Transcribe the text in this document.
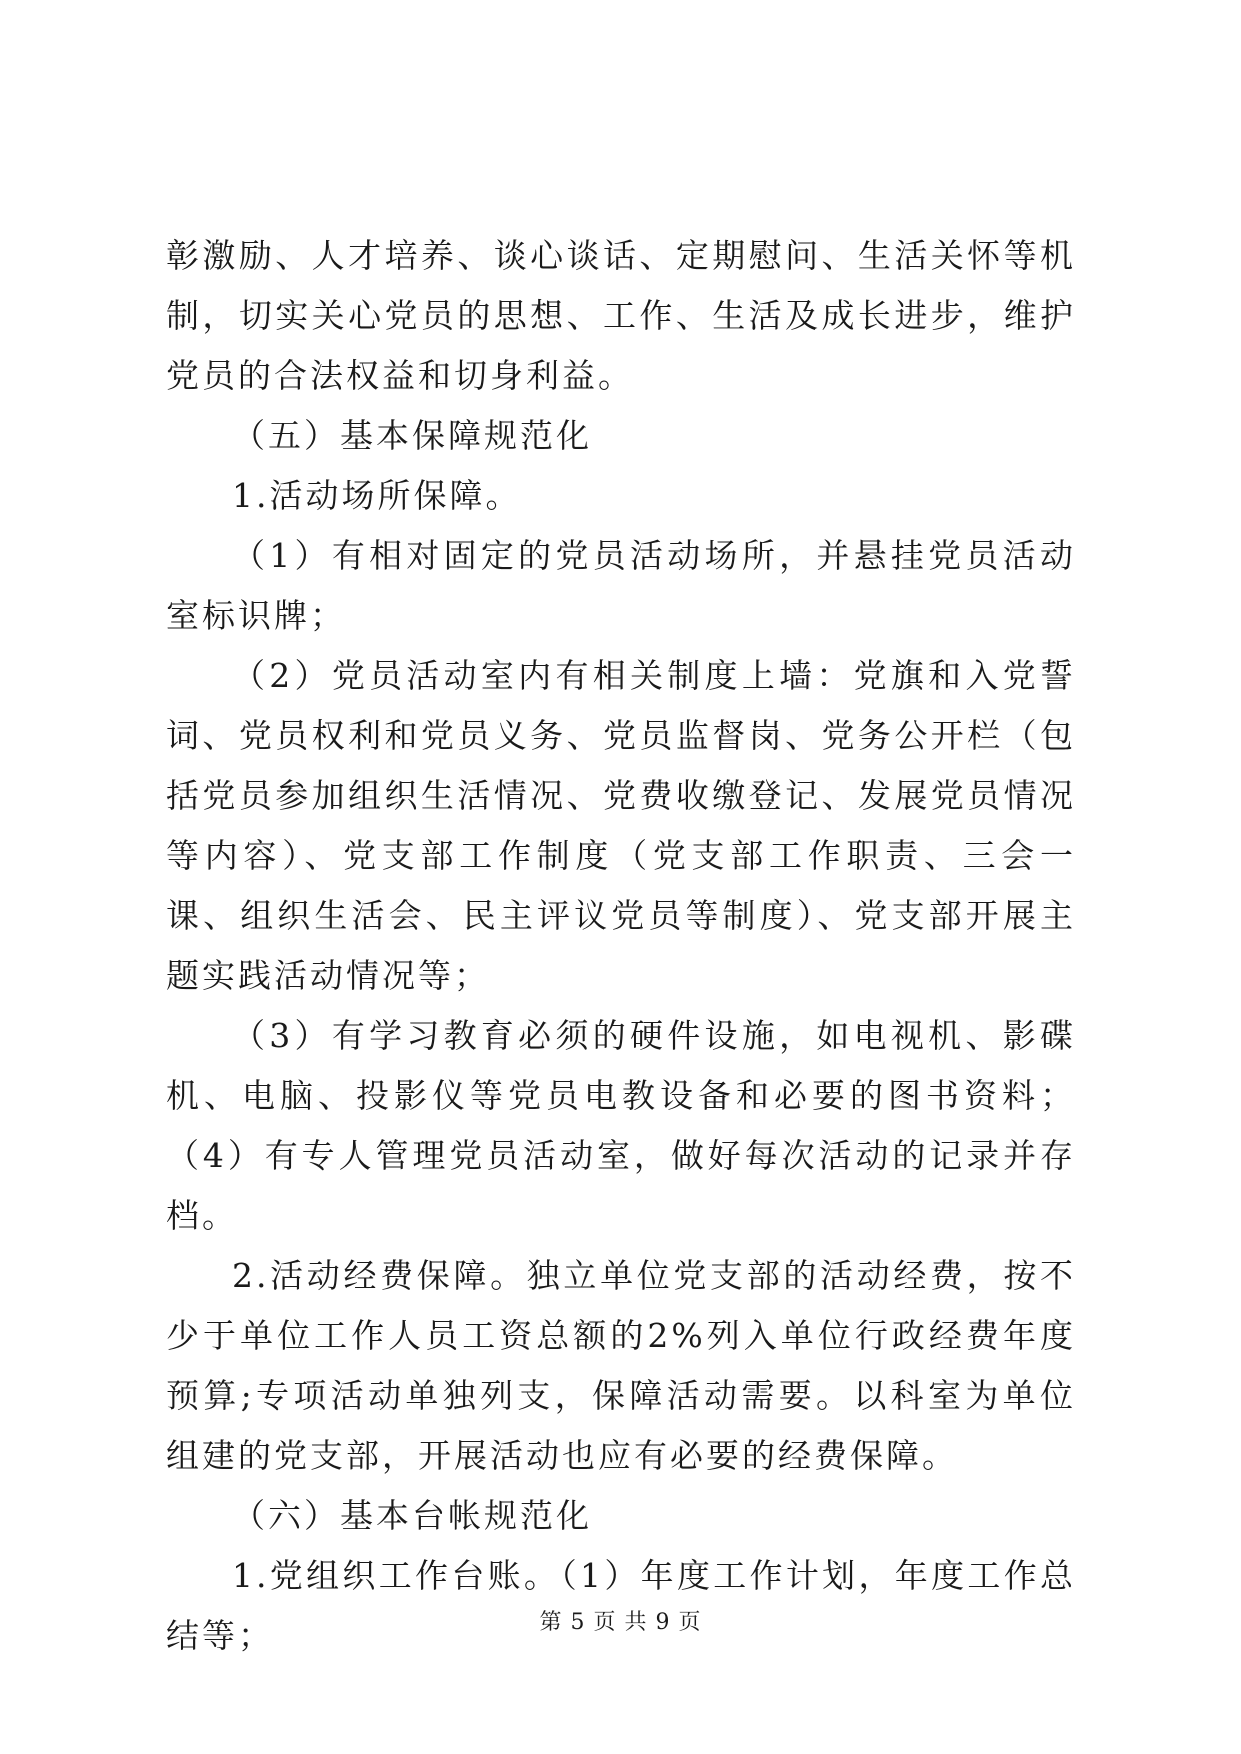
彰激励、人才培养、谈心谈话、定期慰问、生活关怀等机制，切实关心党员的思想、工作、生活及成长进步，维护党员的合法权益和切身利益。

（五）基本保障规范化

1.活动场所保障。

（1）有相对固定的党员活动场所，并悬挂党员活动室标识牌；

（2）党员活动室内有相关制度上墙：党旗和入党誓词、党员权利和党员义务、党员监督岗、党务公开栏（包括党员参加组织生活情况、党费收缴登记、发展党员情况等内容）、党支部工作制度（党支部工作职责、三会一课、组织生活会、民主评议党员等制度）、党支部开展主题实践活动情况等；

（3）有学习教育必须的硬件设施，如电视机、影碟机、电脑、投影仪等党员电教设备和必要的图书资料；（4）有专人管理党员活动室，做好每次活动的记录并存档。

2.活动经费保障。独立单位党支部的活动经费，按不少于单位工作人员工资总额的2%列入单位行政经费年度预算;专项活动单独列支，保障活动需要。以科室为单位组建的党支部，开展活动也应有必要的经费保障。

（六）基本台帐规范化

1.党组织工作台账。（1）年度工作计划，年度工作总结等；	第 5 页 共 9 页
